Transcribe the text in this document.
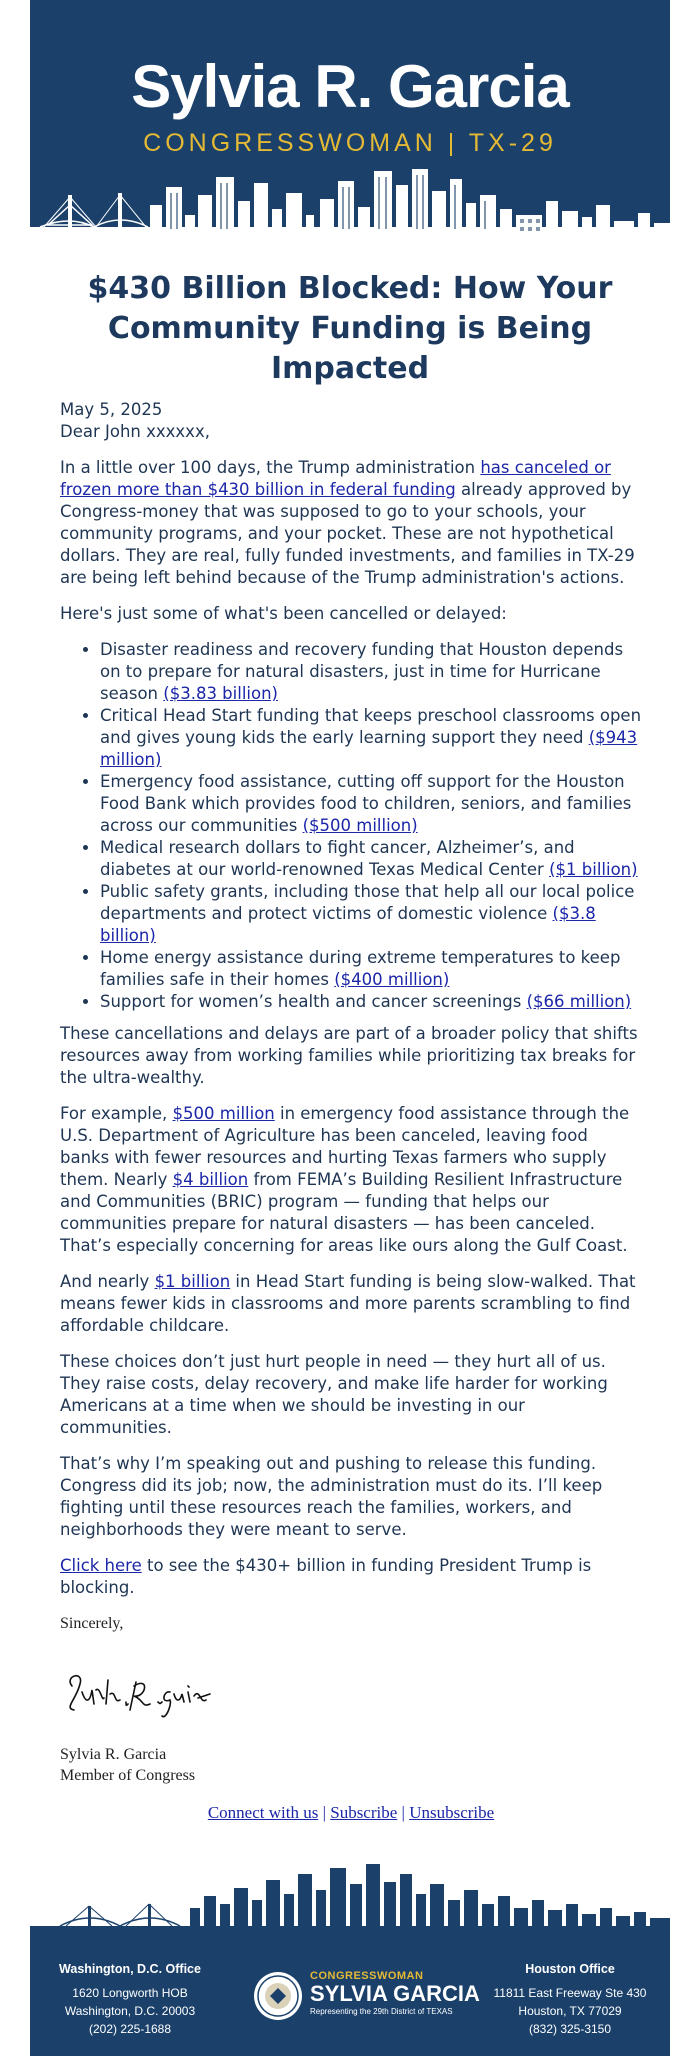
Sylvia R. Garcia
CONGRESSWOMAN | TX-29
$430 Billion Blocked: How Your Community Funding is Being Impacted
May 5, 2025
Dear John xxxxxx,

In a little over 100 days, the Trump administration has canceled or frozen more than $430 billion in federal funding already approved by Congress-money that was supposed to go to your schools, your community programs, and your pocket. These are not hypothetical dollars. They are real, fully funded investments, and families in TX-29 are being left behind because of the Trump administration's actions.

Here's just some of what's been cancelled or delayed:

• Disaster readiness and recovery funding that Houston depends on to prepare for natural disasters, just in time for Hurricane season ($3.83 billion)
• Critical Head Start funding that keeps preschool classrooms open and gives young kids the early learning support they need ($943 million)
• Emergency food assistance, cutting off support for the Houston Food Bank which provides food to children, seniors, and families across our communities ($500 million)
• Medical research dollars to fight cancer, Alzheimer’s, and diabetes at our world-renowned Texas Medical Center ($1 billion)
• Public safety grants, including those that help all our local police departments and protect victims of domestic violence ($3.8 billion)
• Home energy assistance during extreme temperatures to keep families safe in their homes ($400 million)
• Support for women’s health and cancer screenings ($66 million)

These cancellations and delays are part of a broader policy that shifts resources away from working families while prioritizing tax breaks for the ultra-wealthy.

For example, $500 million in emergency food assistance through the U.S. Department of Agriculture has been canceled, leaving food banks with fewer resources and hurting Texas farmers who supply them. Nearly $4 billion from FEMA’s Building Resilient Infrastructure and Communities (BRIC) program — funding that helps our communities prepare for natural disasters — has been canceled. That’s especially concerning for areas like ours along the Gulf Coast.

And nearly $1 billion in Head Start funding is being slow-walked. That means fewer kids in classrooms and more parents scrambling to find affordable childcare.

These choices don’t just hurt people in need — they hurt all of us. They raise costs, delay recovery, and make life harder for working Americans at a time when we should be investing in our communities.

That’s why I’m speaking out and pushing to release this funding. Congress did its job; now, the administration must do its. I’ll keep fighting until these resources reach the families, workers, and neighborhoods they were meant to serve.

Click here to see the $430+ billion in funding President Trump is blocking.

Sincerely,
Sylvia R. Garcia
Member of Congress
Connect with us | Subscribe | Unsubscribe
Washington, D.C. Office
1620 Longworth HOB
Washington, D.C. 20003
(202) 225-1688
CONGRESSWOMAN
SYLVIA GARCIA
Representing the 29th District of TEXAS
Houston Office
11811 East Freeway Ste 430
Houston, TX 77029
(832) 325-3150
